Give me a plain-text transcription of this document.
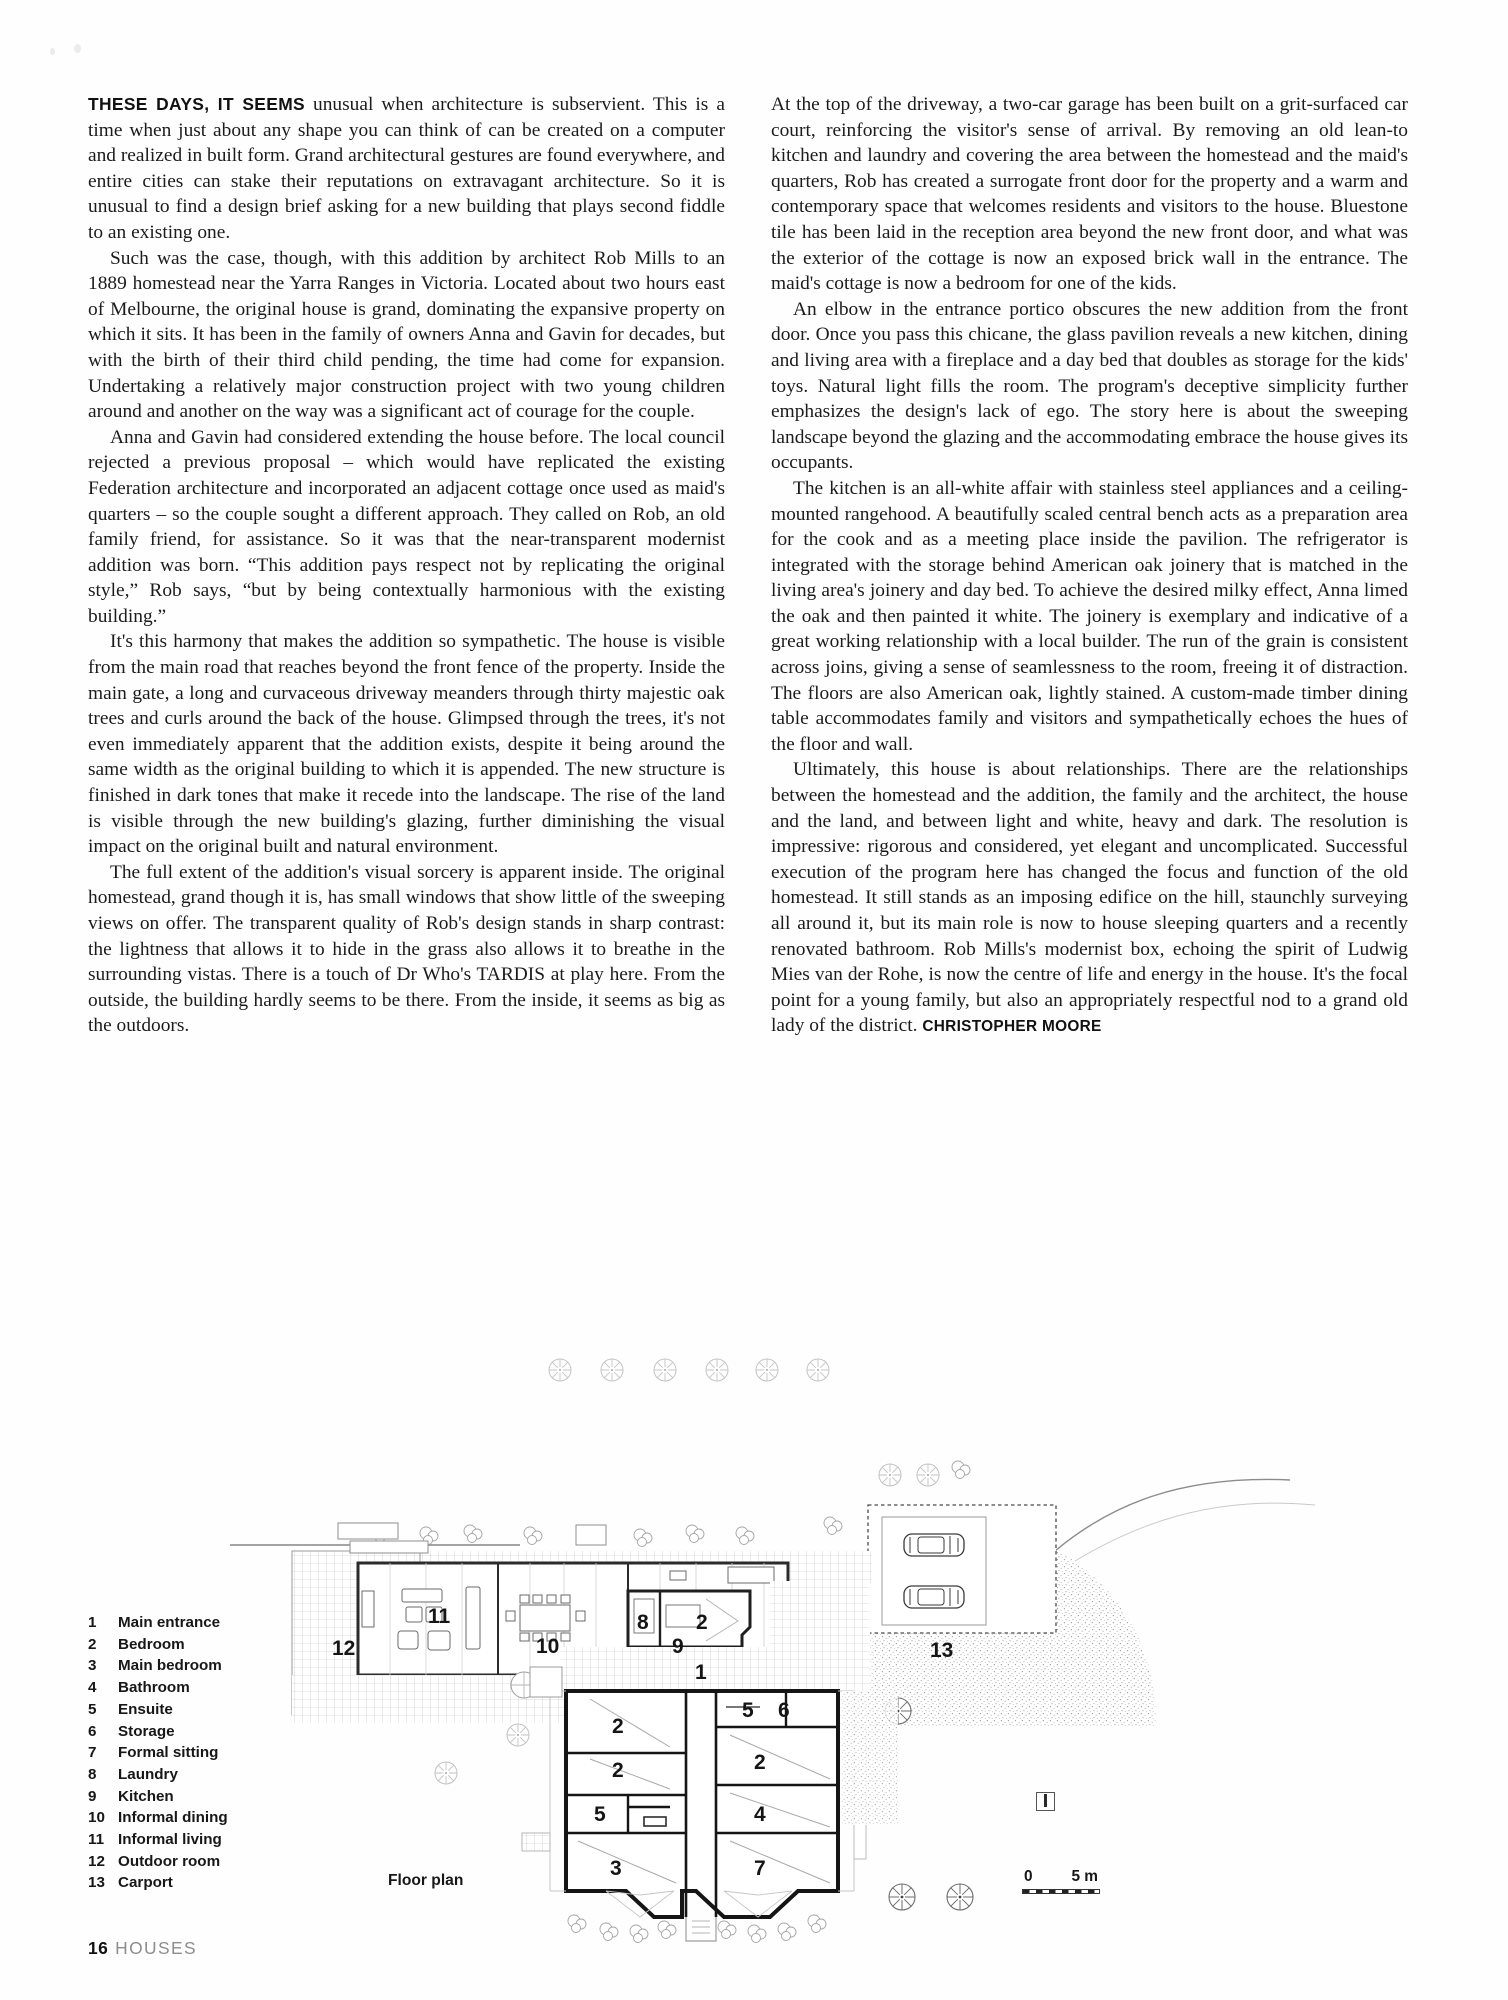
THESE DAYS, IT SEEMS unusual when architecture is subservient. This is a time when just about any shape you can think of can be created on a computer and realized in built form. Grand architectural gestures are found everywhere, and entire cities can stake their reputations on extravagant architecture. So it is unusual to find a design brief asking for a new building that plays second fiddle to an existing one.

Such was the case, though, with this addition by architect Rob Mills to an 1889 homestead near the Yarra Ranges in Victoria. Located about two hours east of Melbourne, the original house is grand, dominating the expansive property on which it sits. It has been in the family of owners Anna and Gavin for decades, but with the birth of their third child pending, the time had come for expansion. Undertaking a relatively major construction project with two young children around and another on the way was a significant act of courage for the couple.

Anna and Gavin had considered extending the house before. The local council rejected a previous proposal – which would have replicated the existing Federation architecture and incorporated an adjacent cottage once used as maid's quarters – so the couple sought a different approach. They called on Rob, an old family friend, for assistance. So it was that the near-transparent modernist addition was born. “This addition pays respect not by replicating the original style,” Rob says, “but by being contextually harmonious with the existing building.”

It's this harmony that makes the addition so sympathetic. The house is visible from the main road that reaches beyond the front fence of the property. Inside the main gate, a long and curvaceous driveway meanders through thirty majestic oak trees and curls around the back of the house. Glimpsed through the trees, it's not even immediately apparent that the addition exists, despite it being around the same width as the original building to which it is appended. The new structure is finished in dark tones that make it recede into the landscape. The rise of the land is visible through the new building's glazing, further diminishing the visual impact on the original built and natural environment.

The full extent of the addition's visual sorcery is apparent inside. The original homestead, grand though it is, has small windows that show little of the sweeping views on offer. The transparent quality of Rob's design stands in sharp contrast: the lightness that allows it to hide in the grass also allows it to breathe in the surrounding vistas. There is a touch of Dr Who's TARDIS at play here. From the outside, the building hardly seems to be there. From the inside, it seems as big as the outdoors.

At the top of the driveway, a two-car garage has been built on a grit-surfaced car court, reinforcing the visitor's sense of arrival. By removing an old lean-to kitchen and laundry and covering the area between the homestead and the maid's quarters, Rob has created a surrogate front door for the property and a warm and contemporary space that welcomes residents and visitors to the house. Bluestone tile has been laid in the reception area beyond the new front door, and what was the exterior of the cottage is now an exposed brick wall in the entrance. The maid's cottage is now a bedroom for one of the kids.

An elbow in the entrance portico obscures the new addition from the front door. Once you pass this chicane, the glass pavilion reveals a new kitchen, dining and living area with a fireplace and a day bed that doubles as storage for the kids' toys. Natural light fills the room. The program's deceptive simplicity further emphasizes the design's lack of ego. The story here is about the sweeping landscape beyond the glazing and the accommodating embrace the house gives its occupants.

The kitchen is an all-white affair with stainless steel appliances and a ceiling-mounted rangehood. A beautifully scaled central bench acts as a preparation area for the cook and as a meeting place inside the pavilion. The refrigerator is integrated with the storage behind American oak joinery that is matched in the living area's joinery and day bed. To achieve the desired milky effect, Anna limed the oak and then painted it white. The joinery is exemplary and indicative of a great working relationship with a local builder. The run of the grain is consistent across joins, giving a sense of seamlessness to the room, freeing it of distraction. The floors are also American oak, lightly stained. A custom-made timber dining table accommodates family and visitors and sympathetically echoes the hues of the floor and wall.

Ultimately, this house is about relationships. There are the relationships between the homestead and the addition, the family and the architect, the house and the land, and between light and white, heavy and dark. The resolution is impressive: rigorous and considered, yet elegant and uncomplicated. Successful execution of the program here has changed the focus and function of the old homestead. It still stands as an imposing edifice on the hill, staunchly surveying all around it, but its main role is now to house sleeping quarters and a recently renovated bathroom. Rob Mills's modernist box, echoing the spirit of Ludwig Mies van der Rohe, is now the centre of life and energy in the house. It's the focal point for a young family, but also an appropriately respectful nod to a grand old lady of the district. CHRISTOPHER MOORE

12
11
10	9
8 2
13
1
2
2
5
3
5 6
2
4
7
1	Main entrance
2	Bedroom
3	Main bedroom
4	Bathroom
5	Ensuite
6	Storage
7	Formal sitting
8	Laundry
9	Kitchen
10 Informal dining
11 Informal living
12 Outdoor room
13 Carport	Floor plan	0	5 m
16 HOUSES
